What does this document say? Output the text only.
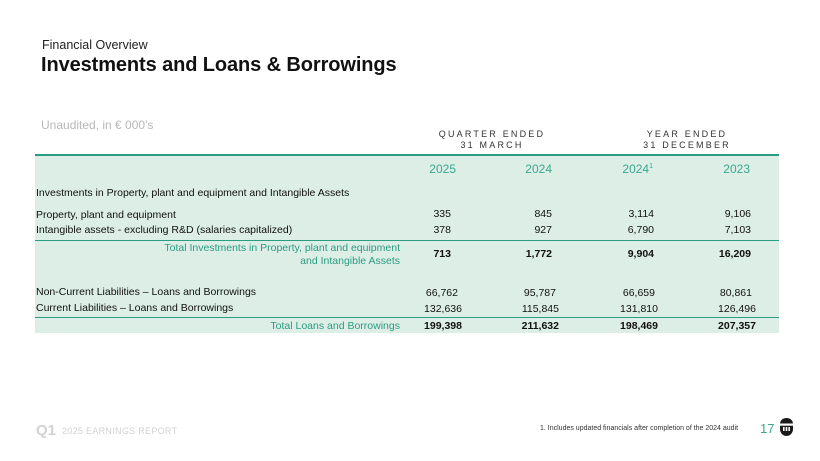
Financial Overview
Investments and Loans & Borrowings
Unaudited, in € 000's
QUARTER ENDED
31 MARCH
YEAR ENDED
31 DECEMBER
2025	2024	2024$^1$	2023
Investments in Property, plant and equipment and Intangible Assets
Property, plant and equipment	335	845	3,114	9,106
Intangible assets - excluding R&D (salaries capitalized)	378	927	6,790	7,103
Total Investments in Property, plant and equipment
and Intangible Assets
713	1,772	9,904	16,209
Non-Current Liabilities – Loans and Borrowings	66,762	95,787	66,659	80,861
Current Liabilities – Loans and Borrowings	132,636	115,845	131,810	126,496
Total Loans and Borrowings	199,398	211,632	198,469	207,357
Q1 2025 EARNINGS REPORT	1. Includes updated financials after completion of the 2024 audit 17
